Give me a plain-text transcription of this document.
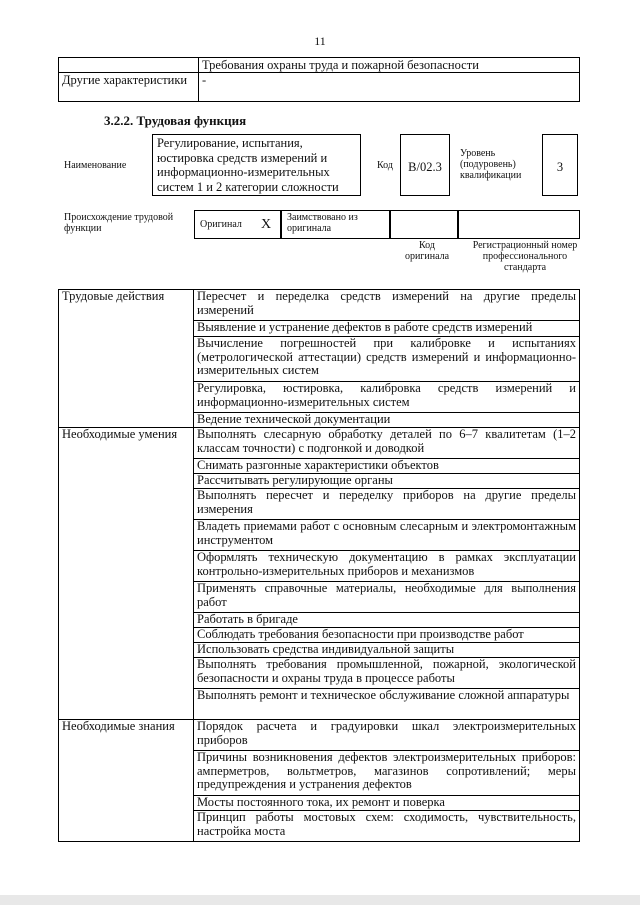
11
	Требования охраны труда и пожарной безопасности
Другие характеристики	-
3.2.2. Трудовая функция
Наименование
Регулирование, испытания, юстировка средств измерений и информационно-измерительных систем 1 и 2 категории сложности
Код	B/02.3
Уровень (подуровень) квалификации
3
Происхождение трудовой функции	Оригинал X	Заимствовано из оригинала
Код оригинала
Регистрационный номер профессионального стандарта
Трудовые действия	Пересчет и переделка средств измерений на другие пределы измерений
	Выявление и устранение дефектов в работе средств измерений
	Вычисление погрешностей при калибровке и испытаниях (метрологической аттестации) средств измерений и информационно-измерительных систем
	Регулировка, юстировка, калибровка средств измерений и информационно-измерительных систем
	Ведение технической документации
Необходимые умения	Выполнять слесарную обработку деталей по 6–7 квалитетам (1–2 классам точности) с подгонкой и доводкой
	Снимать разгонные характеристики объектов
	Рассчитывать регулирующие органы
	Выполнять пересчет и переделку приборов на другие пределы измерения
	Владеть приемами работ с основным слесарным и электромонтажным инструментом
	Оформлять техническую документацию в рамках эксплуатации контрольно-измерительных приборов и механизмов
	Применять справочные материалы, необходимые для выполнения работ
	Работать в бригаде
	Соблюдать требования безопасности при производстве работ
	Использовать средства индивидуальной защиты
	Выполнять требования промышленной, пожарной, экологической безопасности и охраны труда в процессе работы
	Выполнять ремонт и техническое обслуживание сложной аппаратуры
Необходимые знания	Порядок расчета и градуировки шкал электроизмерительных приборов
	Причины возникновения дефектов электроизмерительных приборов: амперметров, вольтметров, магазинов сопротивлений; меры предупреждения и устранения дефектов
	Мосты постоянного тока, их ремонт и поверка
	Принцип работы мостовых схем: сходимость, чувствительность, настройка моста
